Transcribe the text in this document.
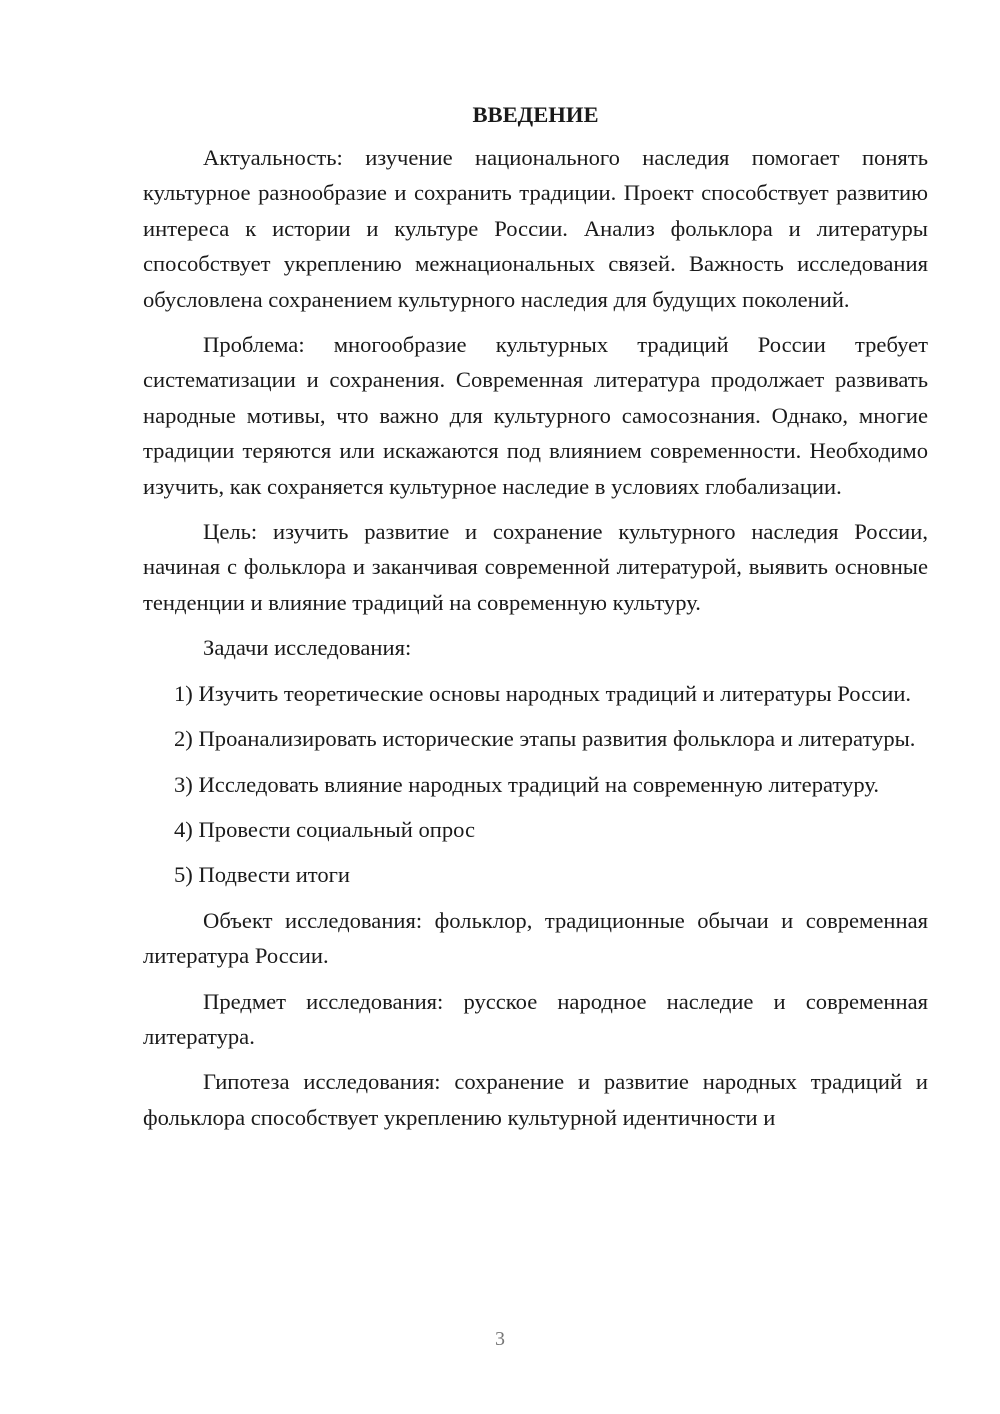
ВВЕДЕНИЕ

Актуальность: изучение национального наследия помогает понять культурное разнообразие и сохранить традиции. Проект способствует развитию интереса к истории и культуре России. Анализ фольклора и литературы способствует укреплению межнациональных связей. Важность исследования обусловлена сохранением культурного наследия для будущих поколений.

Проблема: многообразие культурных традиций России требует систематизации и сохранения. Современная литература продолжает развивать народные мотивы, что важно для культурного самосознания. Однако, многие традиции теряются или искажаются под влиянием современности. Необходимо изучить, как сохраняется культурное наследие в условиях глобализации.

Цель: изучить развитие и сохранение культурного наследия России, начиная с фольклора и заканчивая современной литературой, выявить основные тенденции и влияние традиций на современную культуру.

Задачи исследования:

1) Изучить теоретические основы народных традиций и литературы России.

2) Проанализировать исторические этапы развития фольклора и литературы.

3) Исследовать влияние народных традиций на современную литературу.

4) Провести социальный опрос

5) Подвести итоги

Объект исследования: фольклор, традиционные обычаи и современная литература России.

Предмет исследования: русское народное наследие и современная литература.

Гипотеза исследования: сохранение и развитие народных традиций и фольклора способствует укреплению культурной идентичности и

3
